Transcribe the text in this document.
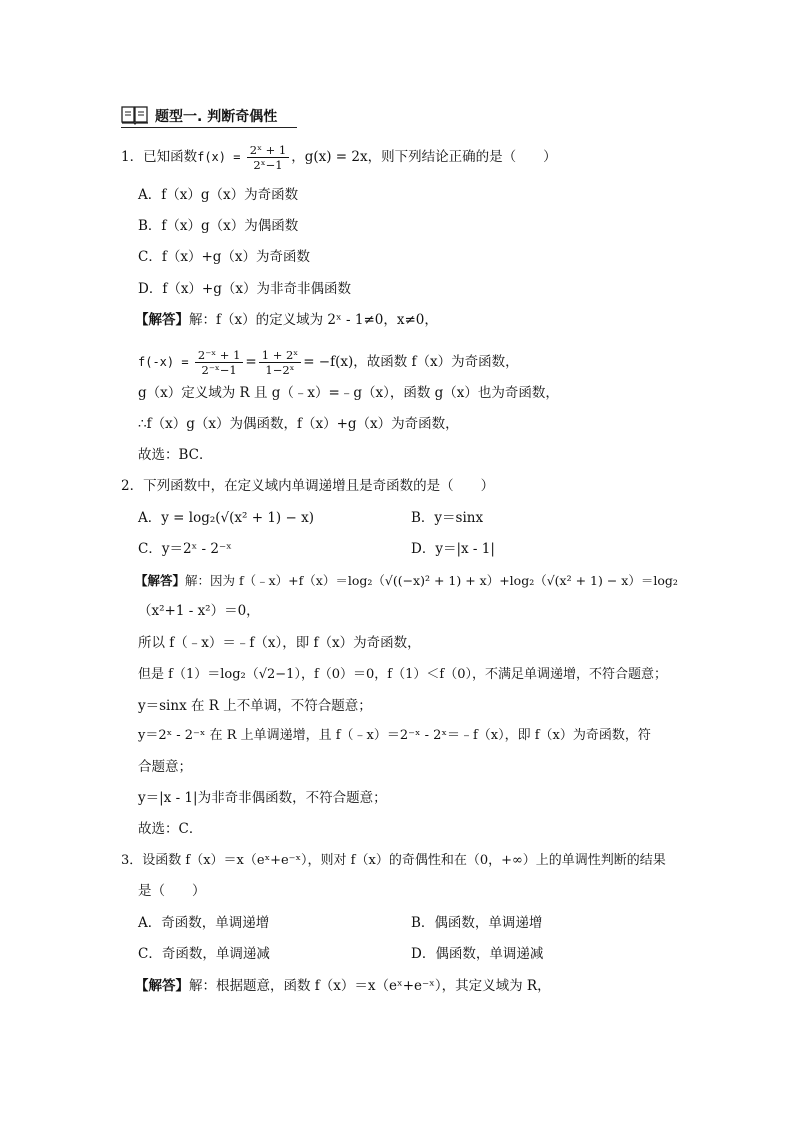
题型一. 判断奇偶性
1．已知函数$f(x) = \frac{\text{2ˣ + 1}}{\text{2ˣ−1}}$ ，g(x) = 2x，则下列结论正确的是（　　）
A．f（x）g（x）为奇函数
B．f（x）g（x）为偶函数
C．f（x）+g（x）为奇函数
D．f（x）+g（x）为非奇非偶函数
【解答】解：f（x）的定义域为 2ˣ - 1≠0，x≠0，
$f(-x) = \frac{\text{2⁻ˣ + 1}}{\text{2⁻ˣ−1}} = \frac{\text{1 + 2ˣ}}{\text{1−2ˣ}} = -f(x)$，故函数 f（x）为奇函数，
g（x）定义域为 R 且 g（﹣x）=﹣g（x），函数 g（x）也为奇函数，
∴f（x）g（x）为偶函数，f（x）+g（x）为奇函数，
故选：BC．
2．下列函数中，在定义域内单调递增且是奇函数的是（　　）
A．y = log₂(√(x² + 1) − x)	B．y＝sinx
C．y＝2ˣ - 2⁻ˣ	D．y＝|x - 1|
【解答】解：因为 f（﹣x）+f（x）＝log₂（√((−x)² + 1) + x）+log₂（√(x² + 1) − x）＝log₂
（x²+1 - x²）＝0，
所以 f（﹣x）＝﹣f（x），即 f（x）为奇函数，
但是 f（1）＝log₂（√2−1），f（0）＝0，f（1）＜f（0），不满足单调递增，不符合题意；
y＝sinx 在 R 上不单调，不符合题意；
y＝2ˣ - 2⁻ˣ 在 R 上单调递增，且 f（﹣x）＝2⁻ˣ - 2ˣ＝﹣f（x），即 f（x）为奇函数，符
合题意；
y＝|x - 1|为非奇非偶函数，不符合题意；
故选：C．
3．设函数 f（x）＝x（eˣ+e⁻ˣ），则对 f（x）的奇偶性和在（0，+∞）上的单调性判断的结果
是（　　）
A．奇函数，单调递增	B．偶函数，单调递增
C．奇函数，单调递减	D．偶函数，单调递减
【解答】解：根据题意，函数 f（x）＝x（eˣ+e⁻ˣ），其定义域为 R，
